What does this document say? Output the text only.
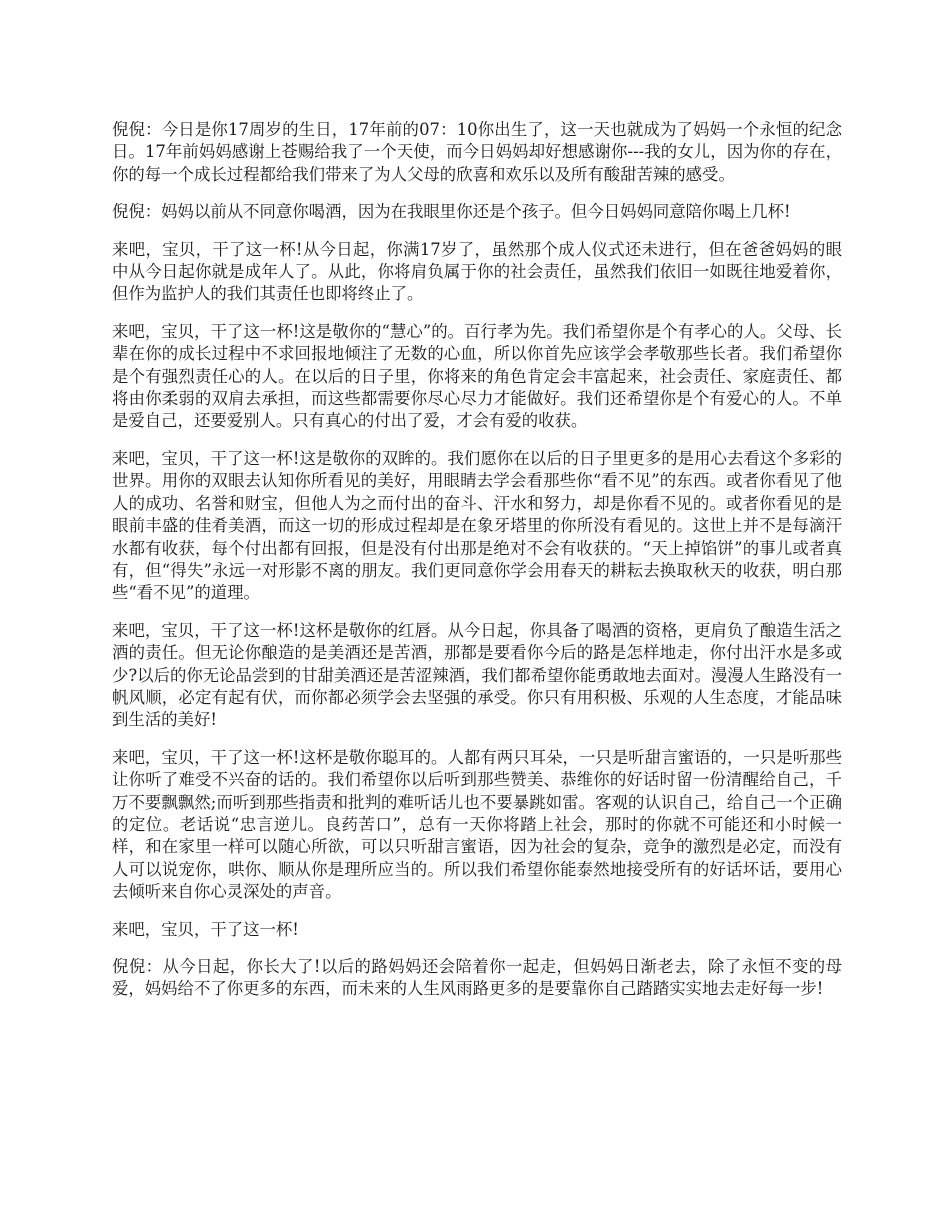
倪倪：今日是你17周岁的生日，17年前的07：10你出生了，这一天也就成为了妈妈一个永恒的纪念日。17年前妈妈感谢上苍赐给我了一个天使，而今日妈妈却好想感谢你---我的女儿，因为你的存在，你的每一个成长过程都给我们带来了为人父母的欣喜和欢乐以及所有酸甜苦辣的感受。

倪倪：妈妈以前从不同意你喝酒，因为在我眼里你还是个孩子。但今日妈妈同意陪你喝上几杯!

来吧，宝贝，干了这一杯!从今日起，你满17岁了，虽然那个成人仪式还未进行，但在爸爸妈妈的眼中从今日起你就是成年人了。从此，你将肩负属于你的社会责任，虽然我们依旧一如既往地爱着你，但作为监护人的我们其责任也即将终止了。

来吧，宝贝，干了这一杯!这是敬你的“慧心”的。百行孝为先。我们希望你是个有孝心的人。父母、长辈在你的成长过程中不求回报地倾注了无数的心血，所以你首先应该学会孝敬那些长者。我们希望你是个有强烈责任心的人。在以后的日子里，你将来的角色肯定会丰富起来，社会责任、家庭责任、都将由你柔弱的双肩去承担，而这些都需要你尽心尽力才能做好。我们还希望你是个有爱心的人。不单是爱自己，还要爱别人。只有真心的付出了爱，才会有爱的收获。

来吧，宝贝，干了这一杯!这是敬你的双眸的。我们愿你在以后的日子里更多的是用心去看这个多彩的世界。用你的双眼去认知你所看见的美好，用眼睛去学会看那些你“看不见”的东西。或者你看见了他人的成功、名誉和财宝，但他人为之而付出的奋斗、汗水和努力，却是你看不见的。或者你看见的是眼前丰盛的佳肴美酒，而这一切的形成过程却是在象牙塔里的你所没有看见的。这世上并不是每滴汗水都有收获，每个付出都有回报，但是没有付出那是绝对不会有收获的。“天上掉馅饼”的事儿或者真有，但“得失”永远一对形影不离的朋友。我们更同意你学会用春天的耕耘去换取秋天的收获，明白那些“看不见”的道理。

来吧，宝贝，干了这一杯!这杯是敬你的红唇。从今日起，你具备了喝酒的资格，更肩负了酿造生活之酒的责任。但无论你酿造的是美酒还是苦酒，那都是要看你今后的路是怎样地走，你付出汗水是多或少?以后的你无论品尝到的甘甜美酒还是苦涩辣酒，我们都希望你能勇敢地去面对。漫漫人生路没有一帆风顺，必定有起有伏，而你都必须学会去坚强的承受。你只有用积极、乐观的人生态度，才能品味到生活的美好!

来吧，宝贝，干了这一杯!这杯是敬你聪耳的。人都有两只耳朵，一只是听甜言蜜语的，一只是听那些让你听了难受不兴奋的话的。我们希望你以后听到那些赞美、恭维你的好话时留一份清醒给自己，千万不要飘飘然;而听到那些指责和批判的难听话儿也不要暴跳如雷。客观的认识自己，给自己一个正确的定位。老话说“忠言逆儿。良药苦口”，总有一天你将踏上社会，那时的你就不可能还和小时候一样，和在家里一样可以随心所欲，可以只听甜言蜜语，因为社会的复杂，竞争的激烈是必定，而没有人可以说宠你，哄你、顺从你是理所应当的。所以我们希望你能泰然地接受所有的好话坏话，要用心去倾听来自你心灵深处的声音。

来吧，宝贝，干了这一杯!

倪倪：从今日起，你长大了!以后的路妈妈还会陪着你一起走，但妈妈日渐老去，除了永恒不变的母爱，妈妈给不了你更多的东西，而未来的人生风雨路更多的是要靠你自己踏踏实实地去走好每一步!
